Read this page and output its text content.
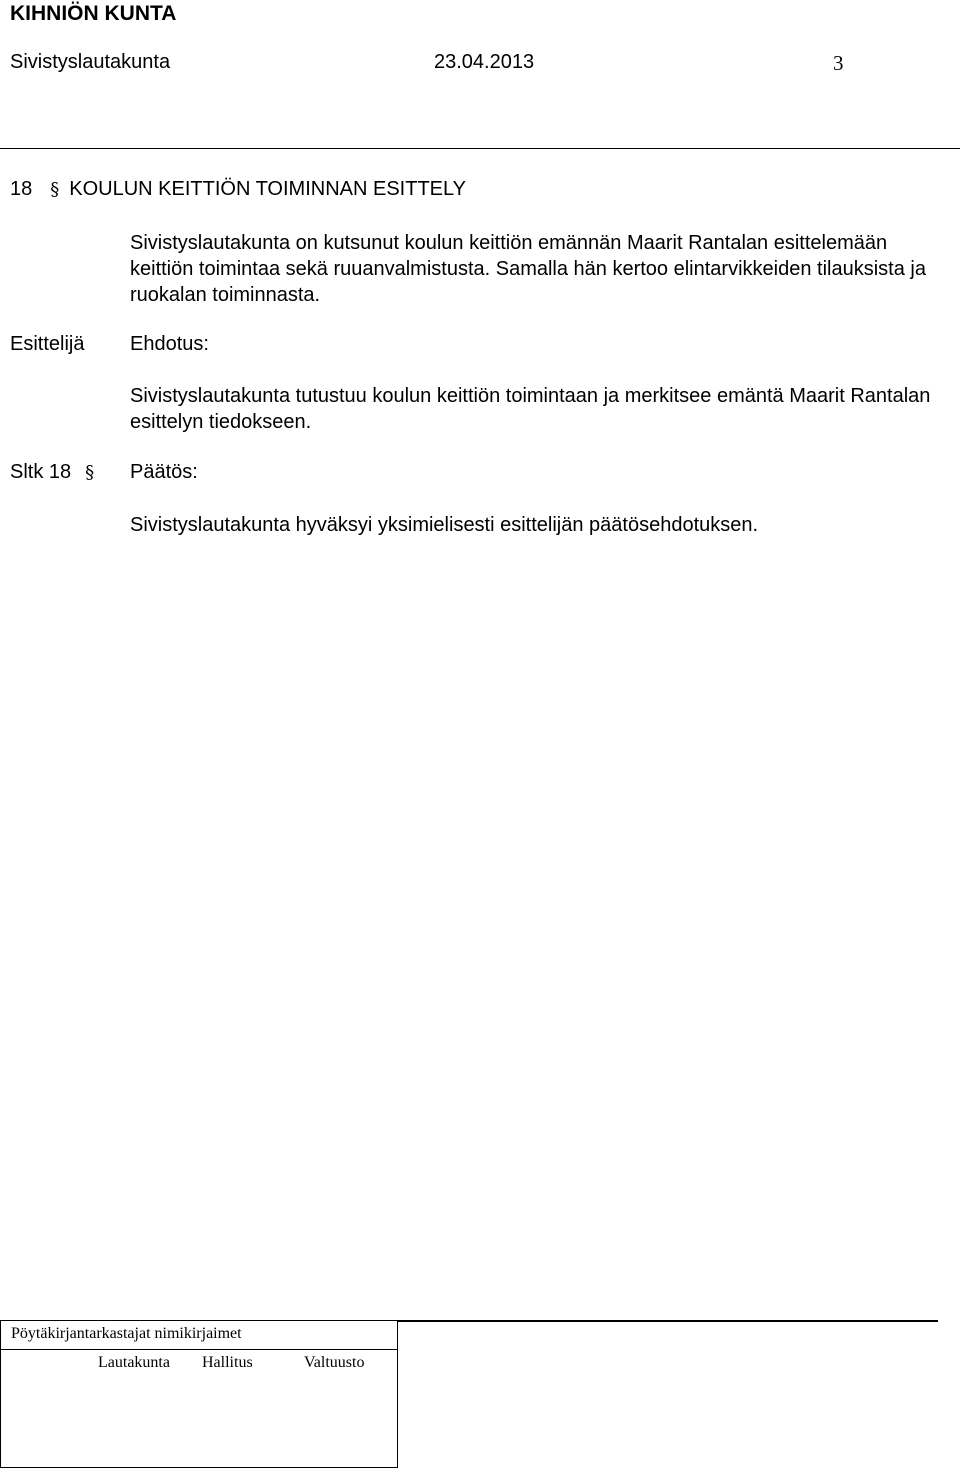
KIHNIÖN KUNTA
Sivistyslautakunta	23.04.2013	3
18 § KOULUN KEITTIÖN TOIMINNAN ESITTELY
Sivistyslautakunta on kutsunut koulun keittiön emännän Maarit Rantalan esittelemään keittiön toimintaa sekä ruuanvalmistusta. Samalla hän kertoo elintarvikkeiden tilauksista ja ruokalan toiminnasta.
Esittelijä Ehdotus:
Sivistyslautakunta tutustuu koulun keittiön toimintaan ja merkitsee emäntä Maarit Rantalan esittelyn tiedokseen.
Sltk 18 § Päätös:
Sivistyslautakunta hyväksyi yksimielisesti esittelijän päätösehdotuksen.
Pöytäkirjantarkastajat nimikirjaimet
Lautakunta Hallitus	Valtuusto
